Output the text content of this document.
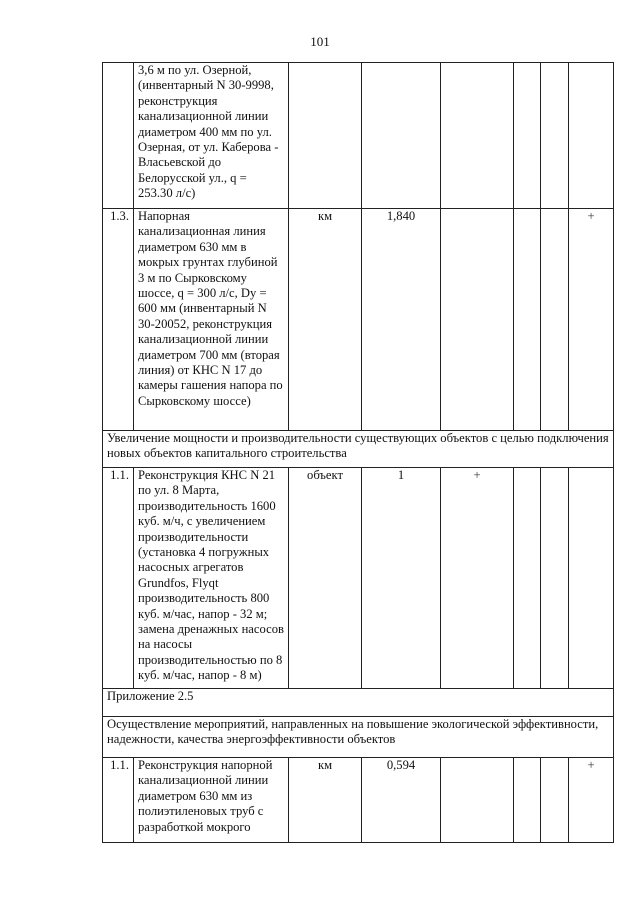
101
	3,6 м по ул. Озерной, (инвентарный N 30-9998, реконструкция канализационной линии диаметром 400 мм по ул. Озерная, от ул. Каберова - Власьевской до Белорусской ул., q = 253.30 л/с)						
1.3.	Напорная канализационная линия диаметром 630 мм в мокрых грунтах глубиной 3 м по Сырковскому шоссе, q = 300 л/с, Dy = 600 мм (инвентарный N 30-20052, реконструкция канализационной линии диаметром 700 мм (вторая линия) от КНС N 17 до камеры гашения напора по Сырковскому шоссе)	км	1,840				+
Увеличение мощности и производительности существующих объектов с целью подключения новых объектов капитального строительства							
1.1.	Реконструкция КНС N 21 по ул. 8 Марта, производительность 1600 куб. м/ч, с увеличением производительности (установка 4 погружных насосных агрегатов Grundfos, Flyqt производительность 800 куб. м/час, напор - 32 м; замена дренажных насосов на насосы производительностью по 8 куб. м/час, напор - 8 м)	объект	1	+			
Приложение 2.5							
Осуществление мероприятий, направленных на повышение экологической эффективности, надежности, качества энергоэффективности объектов							
1.1.	Реконструкция напорной канализационной линии диаметром 630 мм из полиэтиленовых труб с разработкой мокрого	км	0,594				+
